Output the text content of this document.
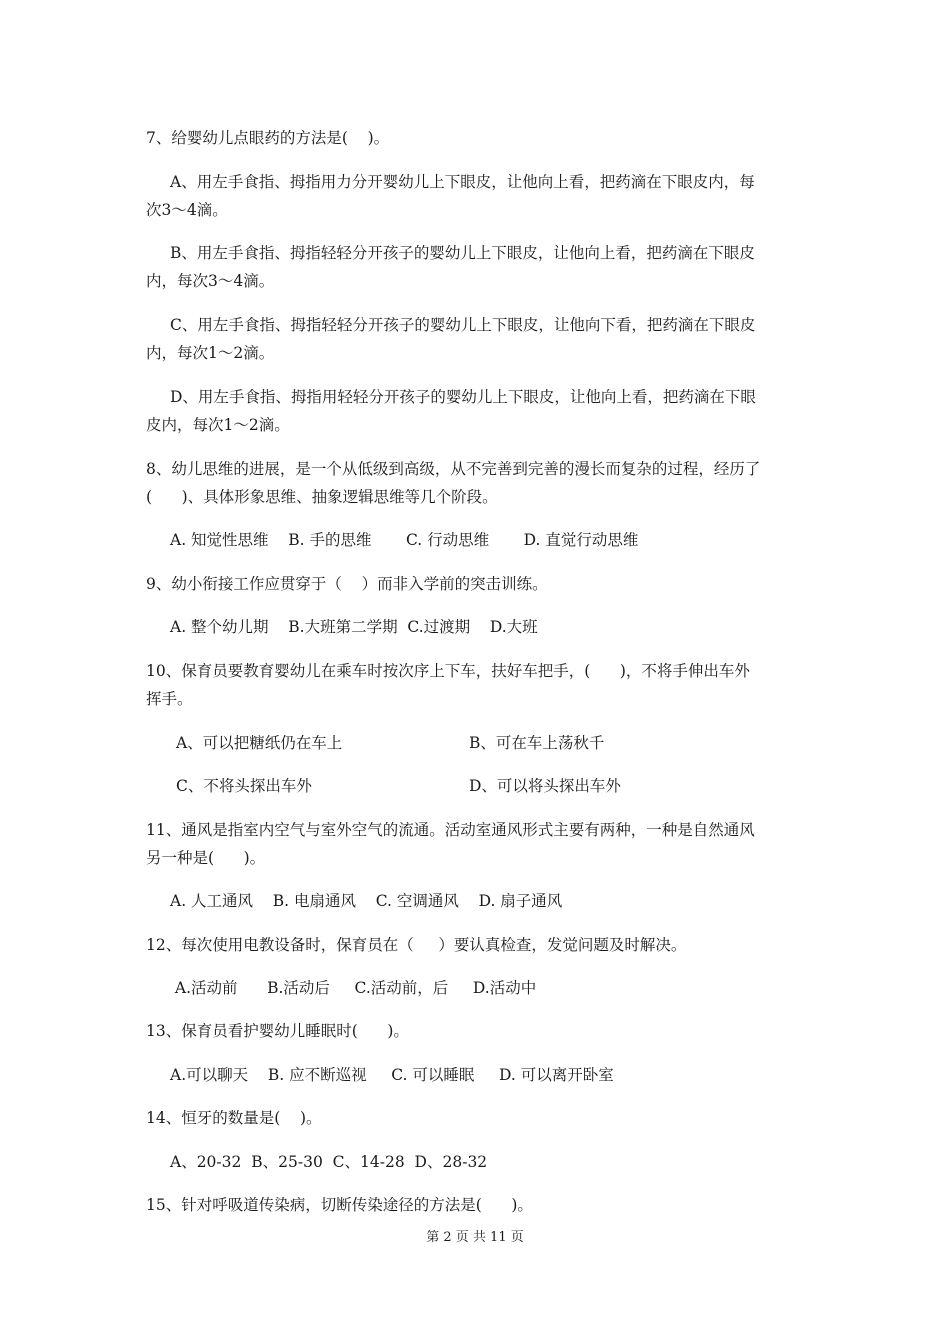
7、给婴幼儿点眼药的方法是(    )。
A、用左手食指、拇指用力分开婴幼儿上下眼皮，让他向上看，把药滴在下眼皮内，每
次3～4滴。
B、用左手食指、拇指轻轻分开孩子的婴幼儿上下眼皮，让他向上看，把药滴在下眼皮
内，每次3～4滴。
C、用左手食指、拇指轻轻分开孩子的婴幼儿上下眼皮，让他向下看，把药滴在下眼皮
内，每次1～2滴。
D、用左手食指、拇指用轻轻分开孩子的婴幼儿上下眼皮，让他向上看，把药滴在下眼
皮内，每次1～2滴。
8、幼儿思维的进展，是一个从低级到高级，从不完善到完善的漫长而复杂的过程，经历了
(      )、具体形象思维、抽象逻辑思维等几个阶段。
A. 知觉性思维    B. 手的思维       C. 行动思维       D. 直觉行动思维
9、幼小衔接工作应贯穿于（    ）而非入学前的突击训练。
A. 整个幼儿期    B.大班第二学期  C.过渡期    D.大班
10、保育员要教育婴幼儿在乘车时按次序上下车，扶好车把手，(      )，不将手伸出车外
挥手。
A、可以把糖纸仍在车上	B、可在车上荡秋千
C、不将头探出车外	D、可以将头探出车外
11、通风是指室内空气与室外空气的流通。活动室通风形式主要有两种，一种是自然通风
另一种是(      )。
A. 人工通风    B. 电扇通风    C. 空调通风    D. 扇子通风
12、每次使用电教设备时，保育员在（     ）要认真检查，发觉问题及时解决。
A.活动前      B.活动后     C.活动前，后     D.活动中
13、保育员看护婴幼儿睡眠时(      )。
A.可以聊天    B. 应不断巡视     C. 可以睡眠     D. 可以离开卧室
14、恒牙的数量是(    )。
A、20-32  B、25-30  C、14-28  D、28-32
15、针对呼吸道传染病，切断传染途径的方法是(      )。
第 2 页 共 11 页
